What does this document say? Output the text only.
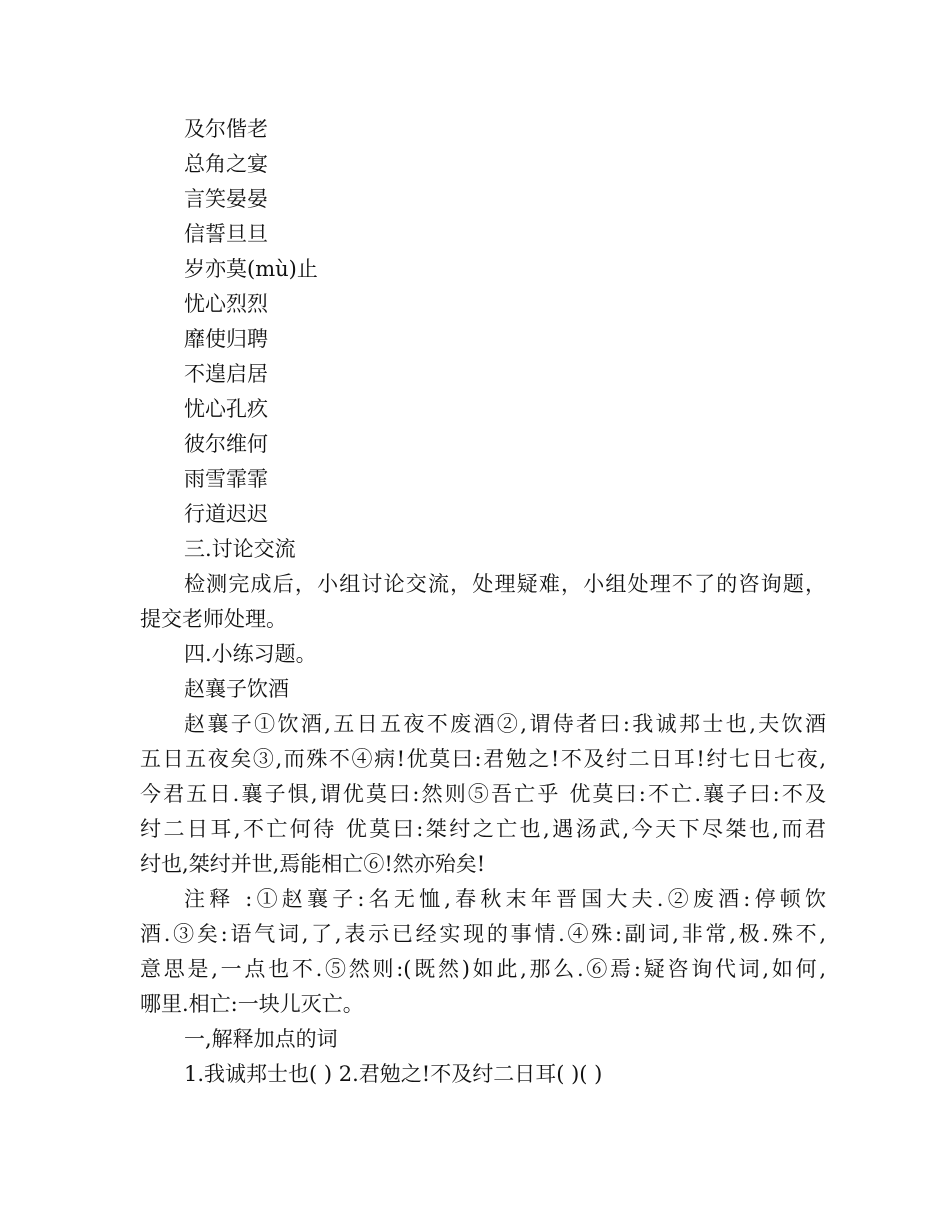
及尔偕老
总角之宴
言笑晏晏
信誓旦旦
岁亦莫(mù)止
忧心烈烈
靡使归聘
不遑启居
忧心孔疚
彼尔维何
雨雪霏霏
行道迟迟
三.讨论交流
检测完成后，小组讨论交流，处理疑难，小组处理不了的咨询题，
提交老师处理。
四.小练习题。
赵襄子饮酒
赵襄子①饮酒,五日五夜不废酒②,谓侍者曰:我诚邦士也,夫饮酒
五日五夜矣③,而殊不④病!优莫曰:君勉之!不及纣二日耳!纣七日七夜,
今君五日.襄子惧,谓优莫曰:然则⑤吾亡乎 优莫曰:不亡.襄子曰:不及
纣二日耳,不亡何待 优莫曰:桀纣之亡也,遇汤武,今天下尽桀也,而君
纣也,桀纣并世,焉能相亡⑥!然亦殆矣!
注释 :①赵襄子:名无恤,春秋末年晋国大夫.②废酒:停顿饮
酒.③矣:语气词,了,表示已经实现的事情.④殊:副词,非常,极.殊不,
意思是,一点也不.⑤然则:(既然)如此,那么.⑥焉:疑咨询代词,如何,
哪里.相亡:一块儿灭亡。
一,解释加点的词
1.我诚邦士也( ) 2.君勉之!不及纣二日耳( )( )
